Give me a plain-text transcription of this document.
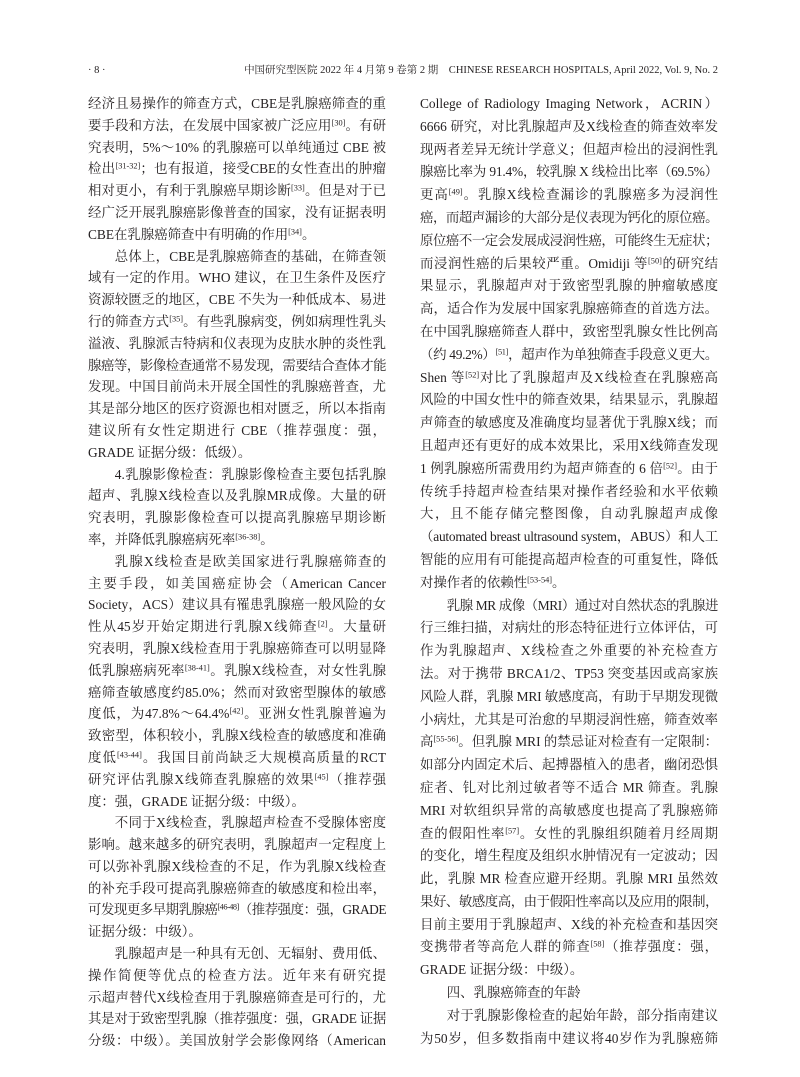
· 8 ·	中国研究型医院 2022 年 4 月第 9 卷第 2 期　CHINESE RESEARCH HOSPITALS, April 2022, Vol. 9, No. 2
经济且易操作的筛查方式，CBE是乳腺癌筛查的重
要手段和方法，在发展中国家被广泛应用[30]。有研
究表明，5%～10% 的乳腺癌可以单纯通过 CBE 被
检出[31-32]；也有报道，接受CBE的女性查出的肿瘤
相对更小，有利于乳腺癌早期诊断[33]。但是对于已
经广泛开展乳腺癌影像普查的国家，没有证据表明
CBE在乳腺癌筛查中有明确的作用[34]。
总体上，CBE是乳腺癌筛查的基础，在筛查领
域有一定的作用。WHO 建议，在卫生条件及医疗
资源较匮乏的地区，CBE 不失为一种低成本、易进
行的筛查方式[35]。有些乳腺病变，例如病理性乳头
溢液、乳腺派吉特病和仪表现为皮肤水肿的炎性乳
腺癌等，影像检查通常不易发现，需要结合查体才能
发现。中国目前尚未开展全国性的乳腺癌普查，尤
其是部分地区的医疗资源也相对匮乏，所以本指南
建议所有女性定期进行 CBE（推荐强度：强，
GRADE 证据分级：低级）。
4.乳腺影像检查：乳腺影像检查主要包括乳腺
超声、乳腺X线检查以及乳腺MR成像。大量的研
究表明，乳腺影像检查可以提高乳腺癌早期诊断
率，并降低乳腺癌病死率[36-38]。
乳腺X线检查是欧美国家进行乳腺癌筛查的
主要手段，如美国癌症协会（American Cancer
Society，ACS）建议具有罹患乳腺癌一般风险的女
性从45岁开始定期进行乳腺X线筛查[2]。大量研
究表明，乳腺X线检查用于乳腺癌筛查可以明显降
低乳腺癌病死率[38-41]。乳腺X线检查，对女性乳腺
癌筛查敏感度约85.0%；然而对致密型腺体的敏感
度低，为47.8%～64.4%[42]。亚洲女性乳腺普遍为
致密型，体积较小，乳腺X线检查的敏感度和准确
度低[43-44]。我国目前尚缺乏大规模高质量的RCT
研究评估乳腺X线筛查乳腺癌的效果[45]（推荐强
度：强，GRADE 证据分级：中级）。
不同于X线检查，乳腺超声检查不受腺体密度
影响。越来越多的研究表明，乳腺超声一定程度上
可以弥补乳腺X线检查的不足，作为乳腺X线检查
的补充手段可提高乳腺癌筛查的敏感度和检出率，
可发现更多早期乳腺癌[46-48]（推荐强度：强，GRADE
证据分级：中级）。
乳腺超声是一种具有无创、无辐射、费用低、
操作简便等优点的检查方法。近年来有研究提
示超声替代X线检查用于乳腺癌筛查是可行的，尤
其是对于致密型乳腺（推荐强度：强，GRADE 证据
分级：中级）。美国放射学会影像网络（American
College of Radiology Imaging Network，ACRIN）
6666 研究，对比乳腺超声及X线检查的筛查效率发
现两者差异无统计学意义；但超声检出的浸润性乳
腺癌比率为 91.4%，较乳腺 X 线检出比率（69.5%）
更高[49]。乳腺X线检查漏诊的乳腺癌多为浸润性
癌，而超声漏诊的大部分是仪表现为钙化的原位癌。
原位癌不一定会发展成浸润性癌，可能终生无症状；
而浸润性癌的后果较严重。Omidiji 等[50]的研究结
果显示，乳腺超声对于致密型乳腺的肿瘤敏感度
高，适合作为发展中国家乳腺癌筛查的首选方法。
在中国乳腺癌筛查人群中，致密型乳腺女性比例高
（约 49.2%）[51]，超声作为单独筛查手段意义更大。
Shen 等[52]对比了乳腺超声及X线检查在乳腺癌高
风险的中国女性中的筛查效果，结果显示，乳腺超
声筛查的敏感度及准确度均显著优于乳腺X线；而
且超声还有更好的成本效果比，采用X线筛查发现
1 例乳腺癌所需费用约为超声筛查的 6 倍[52]。由于
传统手持超声检查结果对操作者经验和水平依赖
大，且不能存储完整图像，自动乳腺超声成像
（automated breast ultrasound system，ABUS）和人工
智能的应用有可能提高超声检查的可重复性，降低
对操作者的依赖性[53-54]。
乳腺 MR 成像（MRI）通过对自然状态的乳腺进
行三维扫描，对病灶的形态特征进行立体评估，可
作为乳腺超声、X线检查之外重要的补充检查方
法。对于携带 BRCA1/2、TP53 突变基因或高家族
风险人群，乳腺 MRI 敏感度高，有助于早期发现微
小病灶，尤其是可治愈的早期浸润性癌，筛查效率
高[55-56]。但乳腺 MRI 的禁忌证对检查有一定限制：
如部分内固定术后、起搏器植入的患者，幽闭恐惧
症者、钆对比剂过敏者等不适合 MR 筛查。乳腺
MRI 对软组织异常的高敏感度也提高了乳腺癌筛
查的假阳性率[57]。女性的乳腺组织随着月经周期
的变化，增生程度及组织水肿情况有一定波动；因
此，乳腺 MR 检查应避开经期。乳腺 MRI 虽然效
果好、敏感度高，由于假阳性率高以及应用的限制，
目前主要用于乳腺超声、X线的补充检查和基因突
变携带者等高危人群的筛查[58]（推荐强度：强，
GRADE 证据分级：中级）。
四、乳腺癌筛查的年龄
对于乳腺影像检查的起始年龄，部分指南建议
为50岁，但多数指南中建议将40岁作为乳腺癌筛
